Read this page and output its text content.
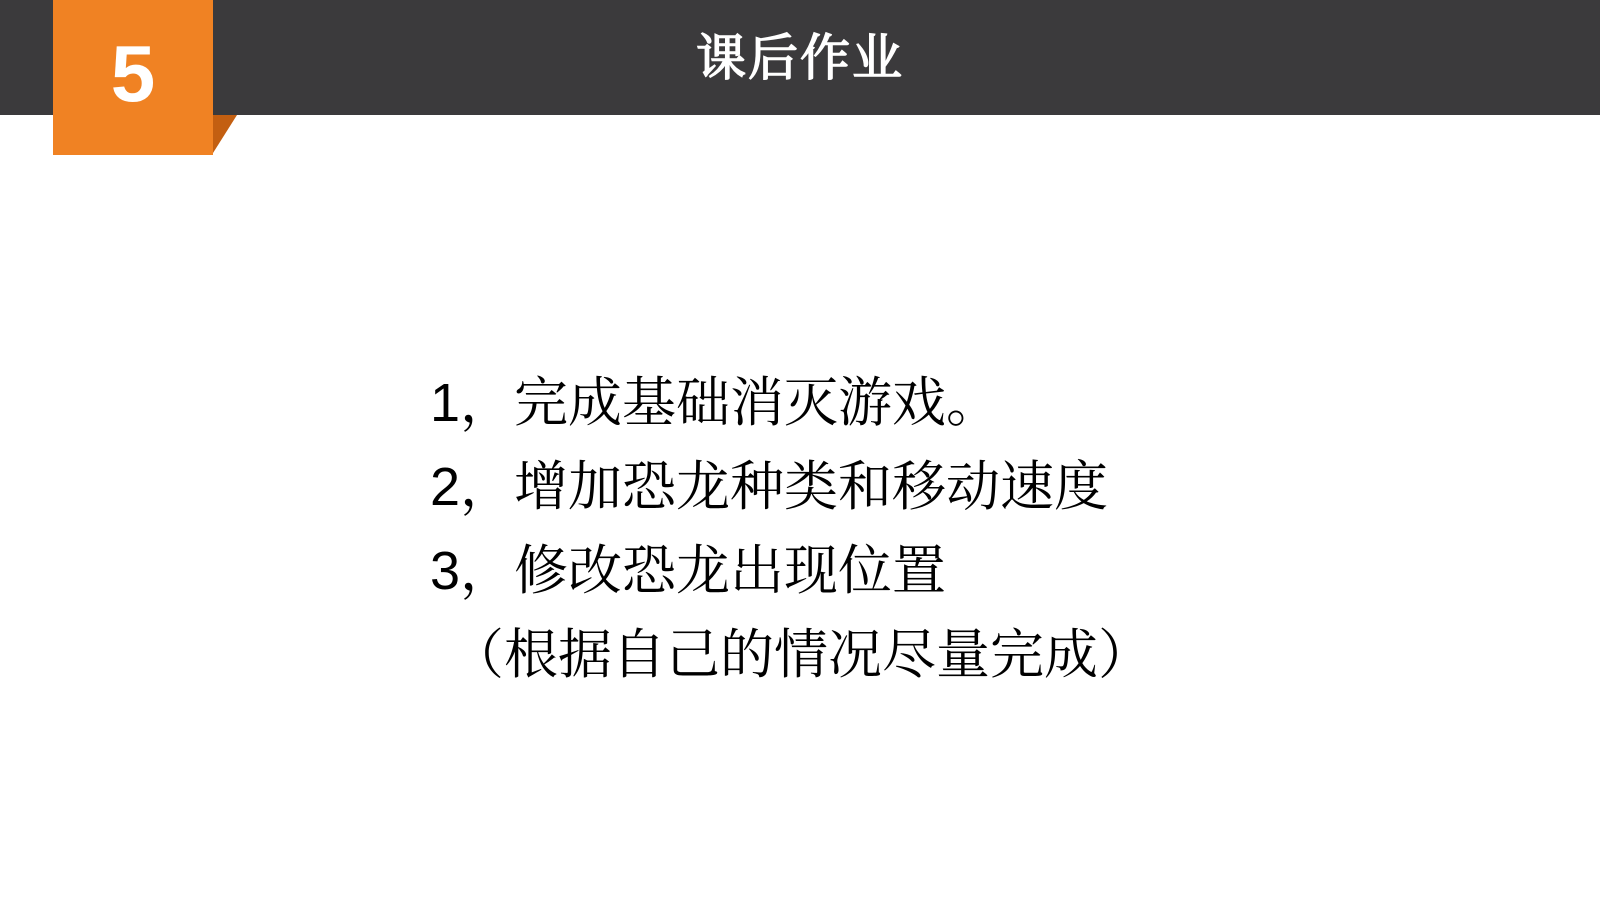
课后作业
5
1，完成基础消灭游戏。
2，增加恐龙种类和移动速度
3，修改恐龙出现位置
（根据自己的情况尽量完成）
